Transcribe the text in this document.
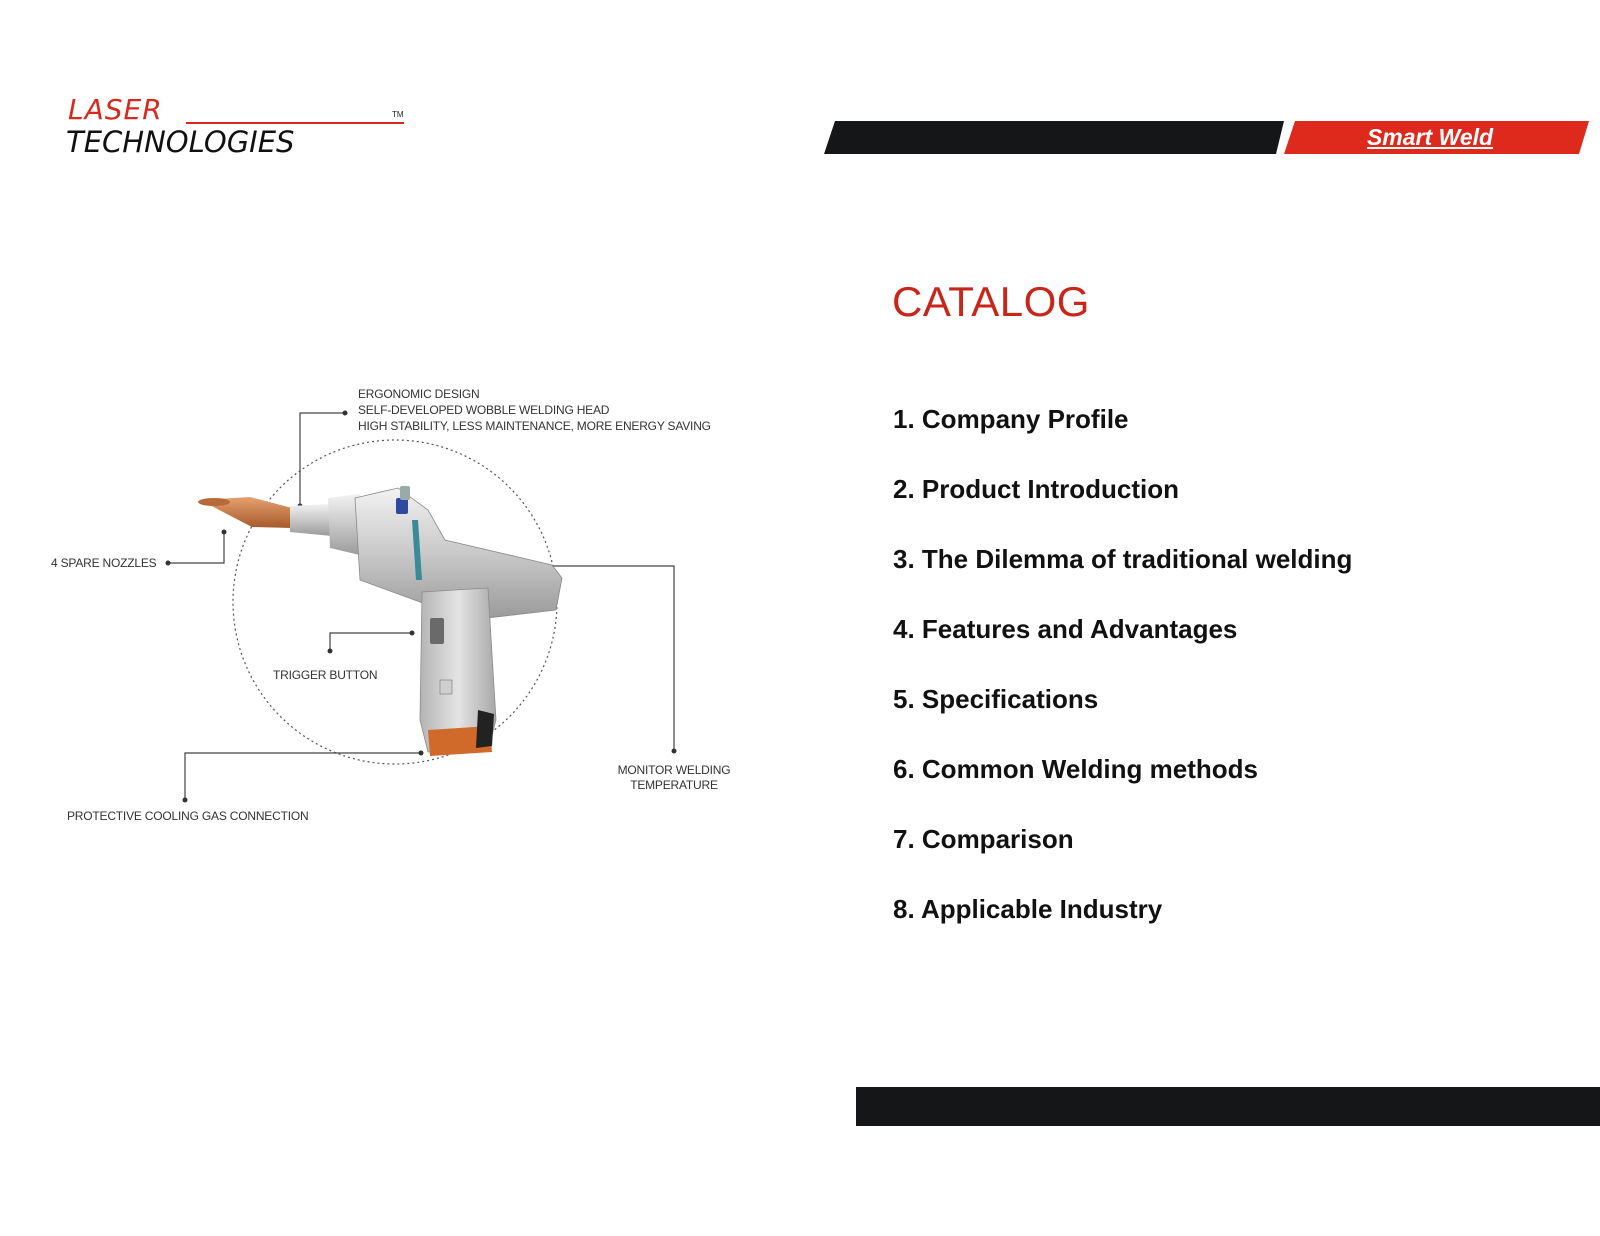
LASER	TM
TECHNOLOGIES	Smart Weld
ERGONOMIC DESIGN
SELF-DEVELOPED WOBBLE WELDING HEAD
HIGH STABILITY, LESS MAINTENANCE, MORE ENERGY SAVING
4 SPARE NOZZLES
TRIGGER BUTTON
MONITOR WELDING
TEMPERATURE
PROTECTIVE COOLING GAS CONNECTION
CATALOG
1. Company Profile
2. Product Introduction
3. The Dilemma of traditional welding
4. Features and Advantages
5. Specifications
6. Common Welding methods
7. Comparison
8. Applicable Industry
